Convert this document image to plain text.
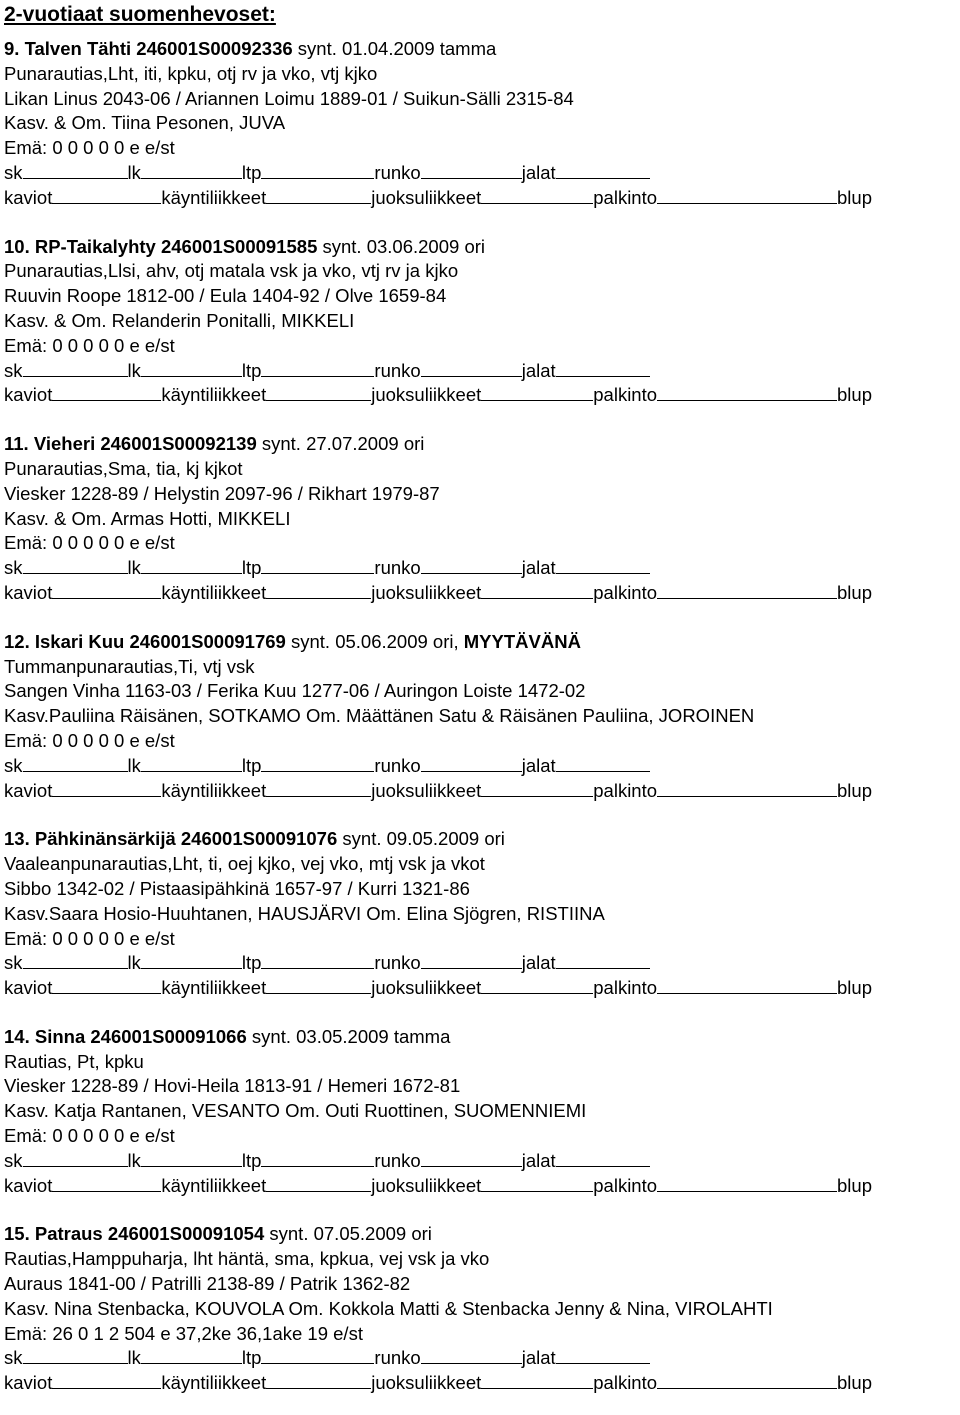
2-vuotiaat suomenhevoset:
9. Talven Tähti 246001S00092336 synt. 01.04.2009 tamma
Punarautias,Lht, iti, kpku, otj rv ja vko, vtj kjko
Likan Linus 2043-06 / Ariannen Loimu 1889-01 / Suikun-Sälli 2315-84
Kasv. & Om. Tiina Pesonen, JUVA
Emä: 0 0 0 0 0 e e/st
sk	lk	ltp	runko	jalat
kaviot	käyntiliikkeet	juoksuliikkeet	palkinto	blup
10. RP-Taikalyhty 246001S00091585 synt. 03.06.2009 ori
Punarautias,Llsi, ahv, otj matala vsk ja vko, vtj rv ja kjko
Ruuvin Roope 1812-00 / Eula 1404-92 / Olve 1659-84
Kasv. & Om. Relanderin Ponitalli, MIKKELI
Emä: 0 0 0 0 0 e e/st
sk	lk	ltp	runko	jalat
kaviot	käyntiliikkeet	juoksuliikkeet	palkinto	blup
11. Vieheri 246001S00092139 synt. 27.07.2009 ori
Punarautias,Sma, tia, kj kjkot
Viesker 1228-89 / Helystin 2097-96 / Rikhart 1979-87
Kasv. & Om. Armas Hotti, MIKKELI
Emä: 0 0 0 0 0 e e/st
sk	lk	ltp	runko	jalat
kaviot	käyntiliikkeet	juoksuliikkeet	palkinto	blup
12. Iskari Kuu 246001S00091769 synt. 05.06.2009 ori, MYYTÄVÄNÄ
Tummanpunarautias,Ti, vtj vsk
Sangen Vinha 1163-03 / Ferika Kuu 1277-06 / Auringon Loiste 1472-02
Kasv.Pauliina Räisänen, SOTKAMO Om. Määttänen Satu & Räisänen Pauliina, JOROINEN
Emä: 0 0 0 0 0 e e/st
sk	lk	ltp	runko	jalat
kaviot	käyntiliikkeet	juoksuliikkeet	palkinto	blup
13. Pähkinänsärkijä 246001S00091076 synt. 09.05.2009 ori
Vaaleanpunarautias,Lht, ti, oej kjko, vej vko, mtj vsk ja vkot
Sibbo 1342-02 / Pistaasipähkinä 1657-97 / Kurri 1321-86
Kasv.Saara Hosio-Huuhtanen, HAUSJÄRVI Om. Elina Sjögren, RISTIINA
Emä: 0 0 0 0 0 e e/st
sk	lk	ltp	runko	jalat
kaviot	käyntiliikkeet	juoksuliikkeet	palkinto	blup
14. Sinna 246001S00091066 synt. 03.05.2009 tamma
Rautias, Pt, kpku
Viesker 1228-89 / Hovi-Heila 1813-91 / Hemeri 1672-81
Kasv. Katja Rantanen, VESANTO Om. Outi Ruottinen, SUOMENNIEMI
Emä: 0 0 0 0 0 e e/st
sk	lk	ltp	runko	jalat
kaviot	käyntiliikkeet	juoksuliikkeet	palkinto	blup
15. Patraus 246001S00091054 synt. 07.05.2009 ori
Rautias,Hamppuharja, lht häntä, sma, kpkua, vej vsk ja vko
Auraus 1841-00 / Patrilli 2138-89 / Patrik 1362-82
Kasv. Nina Stenbacka, KOUVOLA Om. Kokkola Matti & Stenbacka Jenny & Nina, VIROLAHTI
Emä: 26 0 1 2 504 e 37,2ke 36,1ake 19 e/st
sk	lk	ltp	runko	jalat
kaviot	käyntiliikkeet	juoksuliikkeet	palkinto	blup
